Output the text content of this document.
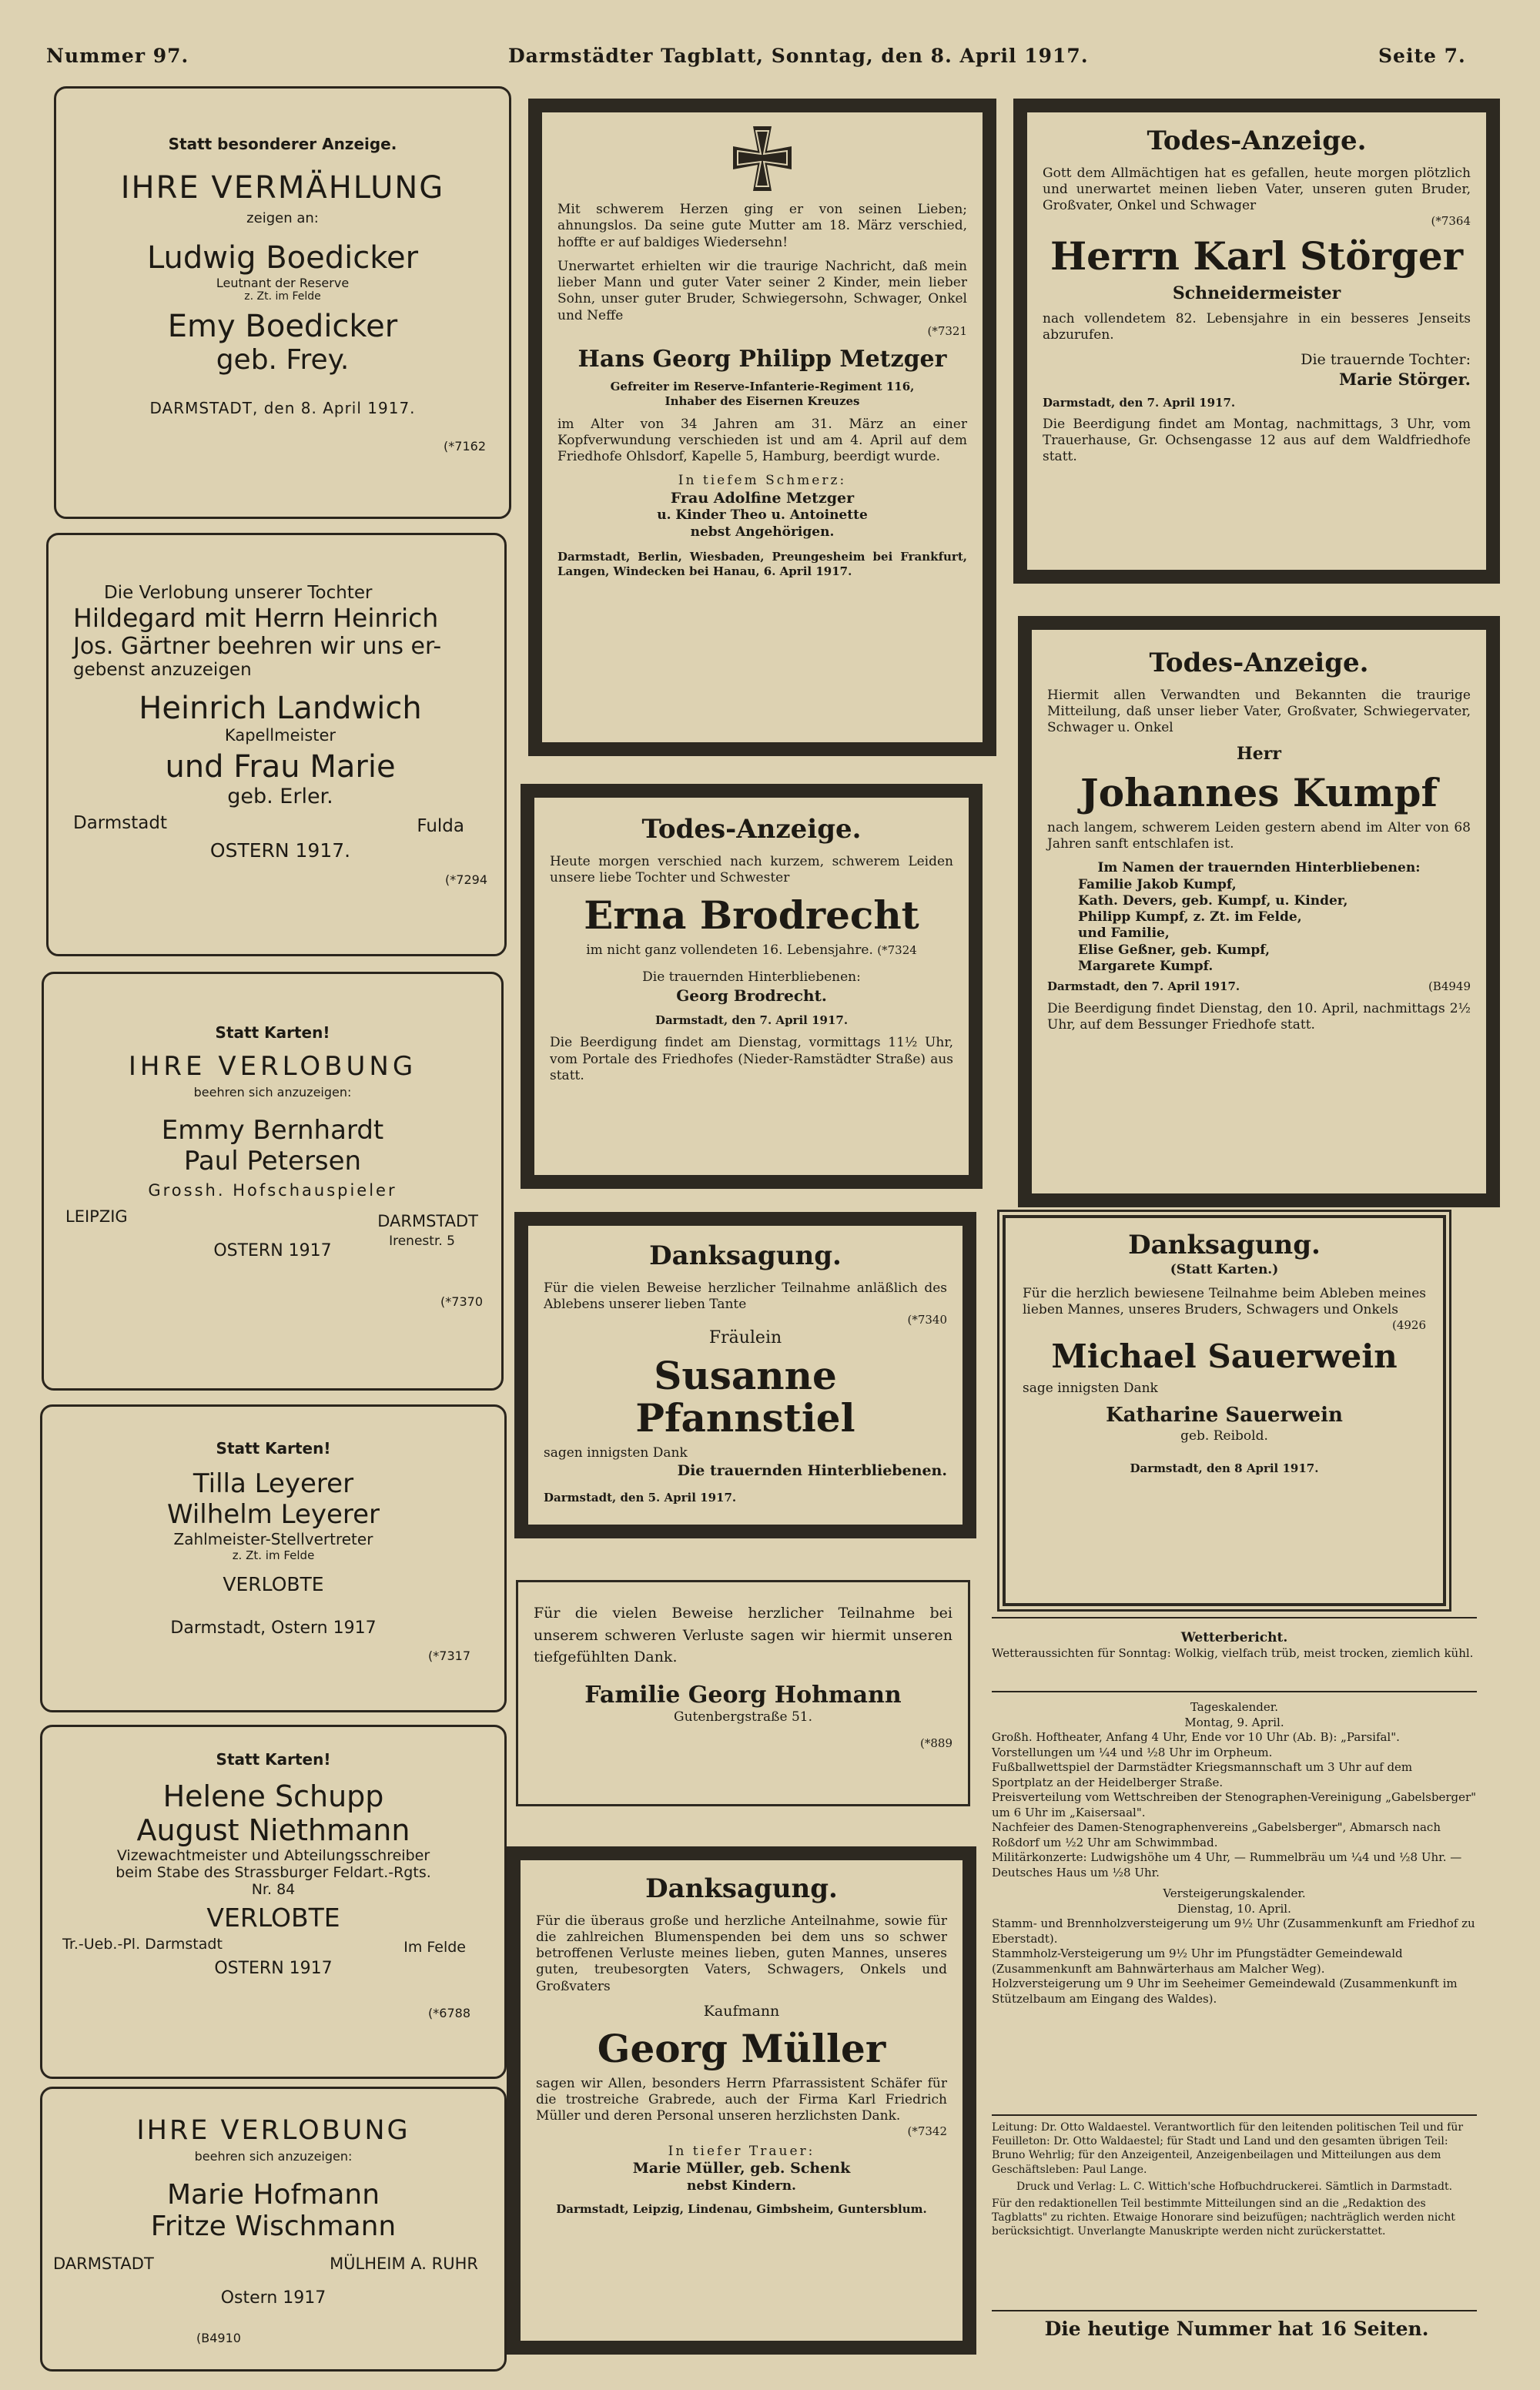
Nummer 97.	Darmstädter Tagblatt, Sonntag, den 8. April 1917.	Seite 7.
Statt besonderer Anzeige.
IHRE VERMÄHLUNG
zeigen an:
Ludwig Boedicker
Leutnant der Reserve
z. Zt. im Felde
Emy Boedicker
geb. Frey.
DARMSTADT, den 8. April 1917.
(*7162
Die Verlobung unserer Tochter
Hildegard mit Herrn Heinrich
Jos. Gärtner beehren wir uns er-
gebenst anzuzeigen
Heinrich Landwich
Kapellmeister
und Frau Marie
geb. Erler.
Darmstadt	Fulda
OSTERN 1917.
(*7294
Statt Karten!
IHRE VERLOBUNG
beehren sich anzuzeigen:
Emmy Bernhardt
Paul Petersen
Grossh. Hofschauspieler
LEIPZIG	DARMSTADT
Irenestr. 5
OSTERN 1917
(*7370
Statt Karten!
Tilla Leyerer
Wilhelm Leyerer
Zahlmeister-Stellvertreter
z. Zt. im Felde
VERLOBTE
Darmstadt, Ostern 1917
(*7317
Statt Karten!
Helene Schupp
August Niethmann
Vizewachtmeister und Abteilungsschreiber
beim Stabe des Strassburger Feldart.-Rgts.
Nr. 84
VERLOBTE
Tr.-Ueb.-Pl. Darmstadt	Im Felde
OSTERN 1917
(*6788
IHRE VERLOBUNG
beehren sich anzuzeigen:
Marie Hofmann
Fritze Wischmann
DARMSTADT	MÜLHEIM A. RUHR
Ostern 1917
(B4910

Mit schwerem Herzen ging er von seinen Lieben; ahnungslos. Da seine gute Mutter am 18. März verschied, hoffte er auf baldiges Wiedersehn!

Unerwartet erhielten wir die traurige Nachricht, daß mein lieber Mann und guter Vater seiner 2 Kinder, mein lieber Sohn, unser guter Bruder, Schwiegersohn, Schwager, Onkel und Neffe

(*7321
Hans Georg Philipp Metzger
Gefreiter im Reserve-Infanterie-Regiment 116,
Inhaber des Eisernen Kreuzes

im Alter von 34 Jahren am 31. März an einer Kopfverwundung verschieden ist und am 4. April auf dem Friedhofe Ohlsdorf, Kapelle 5, Hamburg, beerdigt wurde.

In tiefem Schmerz:
Frau Adolfine Metzger
u. Kinder Theo u. Antoinette
nebst Angehörigen.

Darmstadt, Berlin, Wiesbaden, Preungesheim bei Frankfurt, Langen, Windecken bei Hanau, 6. April 1917.

Todes-Anzeige.

Heute morgen verschied nach kurzem, schwerem Leiden unsere liebe Tochter und Schwester

Erna Brodrecht
im nicht ganz vollendeten 16. Lebensjahre. (*7324
Die trauernden Hinterbliebenen:
Georg Brodrecht.
Darmstadt, den 7. April 1917.

Die Beerdigung findet am Dienstag, vormittags 11½ Uhr, vom Portale des Friedhofes (Nieder-Ramstädter Straße) aus statt.

Danksagung.

Für die vielen Beweise herzlicher Teilnahme anläßlich des Ablebens unserer lieben Tante

(*7340
Fräulein
Susanne Pfannstiel
sagen innigsten Dank
Die trauernden Hinterbliebenen.
Darmstadt, den 5. April 1917.

Für die vielen Beweise herzlicher Teilnahme bei unserem schweren Verluste sagen wir hiermit unseren tiefgefühlten Dank.

Familie Georg Hohmann
Gutenbergstraße 51.
(*889
Danksagung.

Für die überaus große und herzliche Anteilnahme, sowie für die zahlreichen Blumenspenden bei dem uns so schwer betroffenen Verluste meines lieben, guten Mannes, unseres guten, treubesorgten Vaters, Schwagers, Onkels und Großvaters

Kaufmann
Georg Müller

sagen wir Allen, besonders Herrn Pfarrassistent Schäfer für die trostreiche Grabrede, auch der Firma Karl Friedrich Müller und deren Personal unseren herzlichsten Dank.

(*7342
In tiefer Trauer:
Marie Müller, geb. Schenk
nebst Kindern.
Darmstadt, Leipzig, Lindenau, Gimbsheim, Guntersblum.
Todes-Anzeige.

Gott dem Allmächtigen hat es gefallen, heute morgen plötzlich und unerwartet meinen lieben Vater, unseren guten Bruder, Großvater, Onkel und Schwager

(*7364
Herrn Karl Störger
Schneidermeister

nach vollendetem 82. Lebensjahre in ein besseres Jenseits abzurufen.

Die trauernde Tochter:
Marie Störger.
Darmstadt, den 7. April 1917.

Die Beerdigung findet am Montag, nachmittags, 3 Uhr, vom Trauerhause, Gr. Ochsengasse 12 aus auf dem Waldfriedhofe statt.

Todes-Anzeige.

Hiermit allen Verwandten und Bekannten die traurige Mitteilung, daß unser lieber Vater, Großvater, Schwiegervater, Schwager u. Onkel

Herr
Johannes Kumpf

nach langem, schwerem Leiden gestern abend im Alter von 68 Jahren sanft entschlafen ist.

Im Namen der trauernden Hinterbliebenen:
Familie Jakob Kumpf,
Kath. Devers, geb. Kumpf, u. Kinder,
Philipp Kumpf, z. Zt. im Felde,
und Familie,
Elise Geßner, geb. Kumpf,
Margarete Kumpf.
Darmstadt, den 7. April 1917.	(B4949

Die Beerdigung findet Dienstag, den 10. April, nachmittags 2½ Uhr, auf dem Bessunger Friedhofe statt.

Danksagung.
(Statt Karten.)

Für die herzlich bewiesene Teilnahme beim Ableben meines lieben Mannes, unseres Bruders, Schwagers und Onkels

(4926
Michael Sauerwein
sage innigsten Dank
Katharine Sauerwein
geb. Reibold.
Darmstadt, den 8 April 1917.
Wetterbericht.

Wetteraussichten für Sonntag: Wolkig, vielfach trüb, meist trocken, ziemlich kühl.

Tageskalender.
Montag, 9. April.

Großh. Hoftheater, Anfang 4 Uhr, Ende vor 10 Uhr (Ab. B): „Parsifal".

Vorstellungen um ¼4 und ½8 Uhr im Orpheum.

Fußballwettspiel der Darmstädter Kriegsmannschaft um 3 Uhr auf dem Sportplatz an der Heidelberger Straße.

Preisverteilung vom Wettschreiben der Stenographen-Vereinigung „Gabelsberger" um 6 Uhr im „Kaisersaal".

Nachfeier des Damen-Stenographenvereins „Gabelsberger", Abmarsch nach Roßdorf um ½2 Uhr am Schwimmbad.

Militärkonzerte: Ludwigshöhe um 4 Uhr, — Rummelbräu um ¼4 und ½8 Uhr. — Deutsches Haus um ½8 Uhr.

Versteigerungskalender.
Dienstag, 10. April.

Stamm- und Brennholzversteigerung um 9½ Uhr (Zusammenkunft am Friedhof zu Eberstadt).

Stammholz-Versteigerung um 9½ Uhr im Pfungstädter Gemeindewald (Zusammenkunft am Bahnwärterhaus am Malcher Weg).

Holzversteigerung um 9 Uhr im Seeheimer Gemeindewald (Zusammenkunft im Stützelbaum am Eingang des Waldes).

Leitung: Dr. Otto Waldaestel. Verantwortlich für den leitenden politischen Teil und für Feuilleton: Dr. Otto Waldaestel; für Stadt und Land und den gesamten übrigen Teil: Bruno Wehrlig; für den Anzeigenteil, Anzeigenbeilagen und Mitteilungen aus dem Geschäftsleben: Paul Lange.

Druck und Verlag: L. C. Wittich'sche Hofbuchdruckerei. Sämtlich in Darmstadt.

Für den redaktionellen Teil bestimmte Mitteilungen sind an die „Redaktion des Tagblatts" zu richten. Etwaige Honorare sind beizufügen; nachträglich werden nicht berücksichtigt. Unverlangte Manuskripte werden nicht zurückerstattet.

Die heutige Nummer hat 16 Seiten.
